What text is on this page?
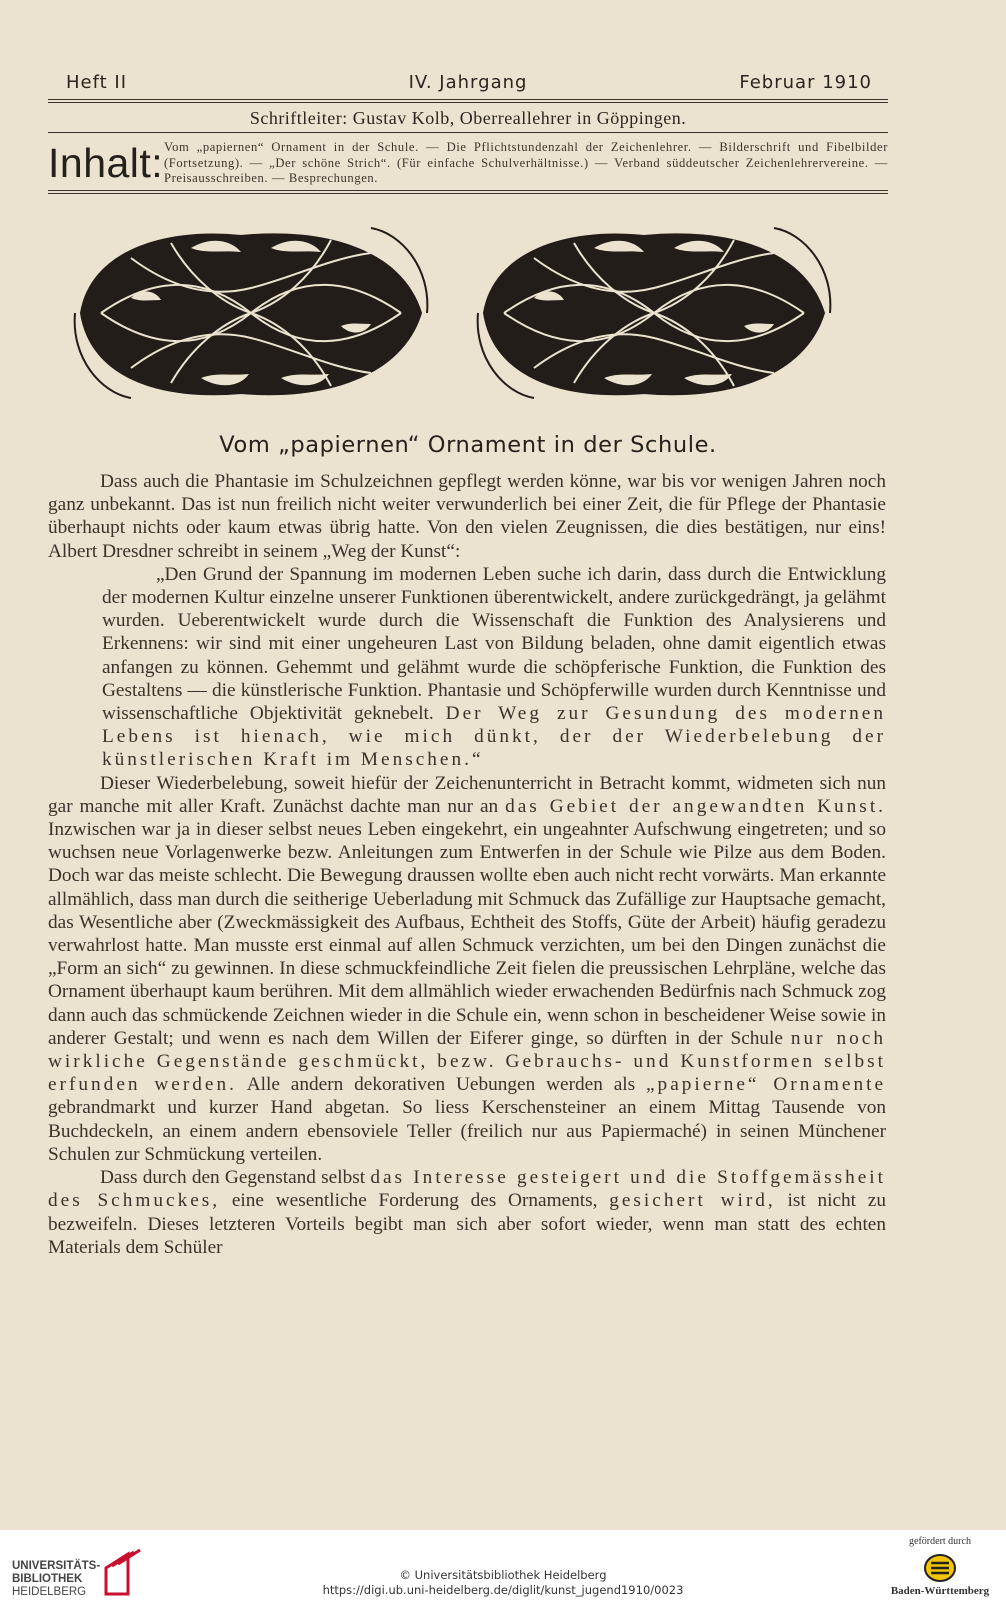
Heft II	IV. Jahrgang	Februar 1910
Schriftleiter: Gustav Kolb, Oberreallehrer in Göppingen.
Inhalt: Vom „papiernen“ Ornament in der Schule. — Die Pflichtstundenzahl der Zeichenlehrer. — Bilderschrift und Fibelbilder (Fortsetzung). — „Der schöne Strich“. (Für einfache Schulverhältnisse.) — Verband süddeutscher Zeichenlehrervereine. — Preisausschreiben. — Besprechungen.
Vom „papiernen“ Ornament in der Schule.

Dass auch die Phantasie im Schulzeichnen gepflegt werden könne, war bis vor wenigen Jahren noch ganz unbekannt. Das ist nun freilich nicht weiter verwunderlich bei einer Zeit, die für Pflege der Phantasie überhaupt nichts oder kaum etwas übrig hatte. Von den vielen Zeugnissen, die dies bestätigen, nur eins! Albert Dresdner schreibt in seinem „Weg der Kunst“:

„Den Grund der Spannung im modernen Leben suche ich darin, dass durch die Entwicklung der modernen Kultur einzelne unserer Funktionen überentwickelt, andere zurückgedrängt, ja gelähmt wurden. Ueberentwickelt wurde durch die Wissenschaft die Funktion des Analysierens und Erkennens: wir sind mit einer ungeheuren Last von Bildung beladen, ohne damit eigentlich etwas anfangen zu können. Gehemmt und gelähmt wurde die schöpferische Funktion, die Funktion des Gestaltens — die künstlerische Funktion. Phantasie und Schöpferwille wurden durch Kenntnisse und wissenschaftliche Objektivität geknebelt. Der Weg zur Gesundung des modernen Lebens ist hienach, wie mich dünkt, der der Wiederbelebung der künstlerischen Kraft im Menschen.“

Dieser Wiederbelebung, soweit hiefür der Zeichenunterricht in Betracht kommt, widmeten sich nun gar manche mit aller Kraft. Zunächst dachte man nur an das Gebiet der angewandten Kunst. Inzwischen war ja in dieser selbst neues Leben eingekehrt, ein ungeahnter Aufschwung eingetreten; und so wuchsen neue Vorlagenwerke bezw. Anleitungen zum Entwerfen in der Schule wie Pilze aus dem Boden. Doch war das meiste schlecht. Die Bewegung draussen wollte eben auch nicht recht vorwärts. Man erkannte allmählich, dass man durch die seitherige Ueberladung mit Schmuck das Zufällige zur Hauptsache gemacht, das Wesentliche aber (Zweckmässigkeit des Aufbaus, Echtheit des Stoffs, Güte der Arbeit) häufig geradezu verwahrlost hatte. Man musste erst einmal auf allen Schmuck verzichten, um bei den Dingen zunächst die „Form an sich“ zu gewinnen. In diese schmuckfeindliche Zeit fielen die preussischen Lehrpläne, welche das Ornament überhaupt kaum berühren. Mit dem allmählich wieder erwachenden Bedürfnis nach Schmuck zog dann auch das schmückende Zeichnen wieder in die Schule ein, wenn schon in bescheidener Weise sowie in anderer Gestalt; und wenn es nach dem Willen der Eiferer ginge, so dürften in der Schule nur noch wirkliche Gegenstände geschmückt, bezw. Gebrauchs- und Kunstformen selbst erfunden werden. Alle andern dekorativen Uebungen werden als „papierne“ Ornamente gebrandmarkt und kurzer Hand abgetan. So liess Kerschensteiner an einem Mittag Tausende von Buchdeckeln, an einem andern ebensoviele Teller (freilich nur aus Papiermaché) in seinen Münchener Schulen zur Schmückung verteilen.

Dass durch den Gegenstand selbst das Interesse gesteigert und die Stoffgemässheit des Schmuckes, eine wesentliche Forderung des Ornaments, gesichert wird, ist nicht zu bezweifeln. Dieses letzteren Vorteils begibt man sich aber sofort wieder, wenn man statt des echten Materials dem Schüler

UNIVERSITÄTS-
BIBLIOTHEK
HEIDELBERG
© Universitätsbibliothek Heidelberg
https://digi.ub.uni-heidelberg.de/diglit/kunst_jugend1910/0023
gefördert durch
Baden-Württemberg
